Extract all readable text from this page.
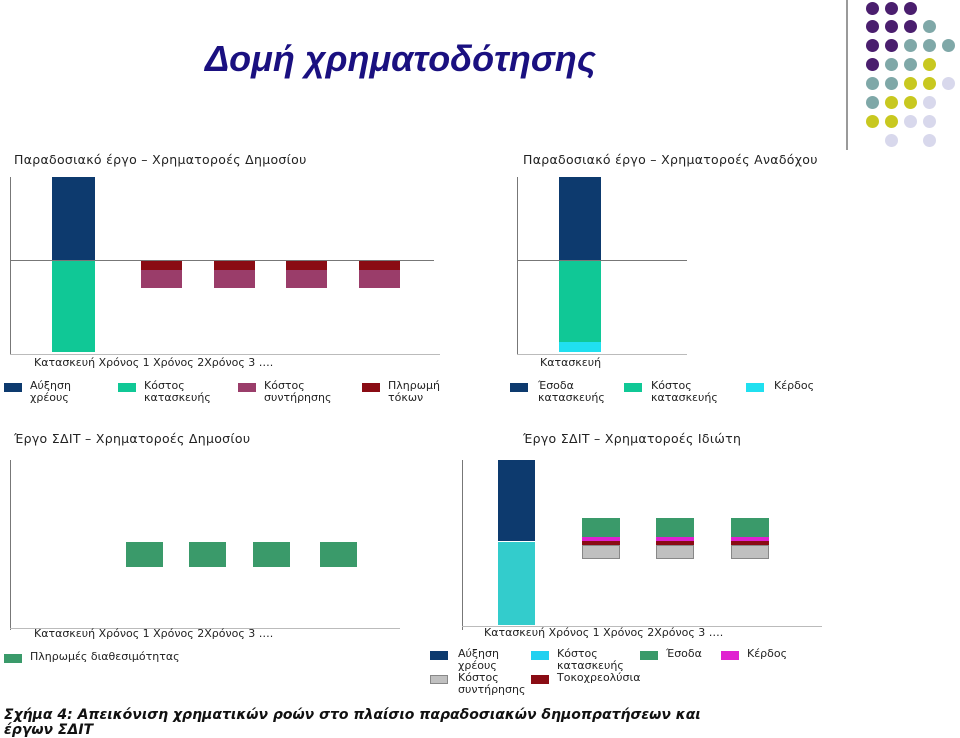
Δομή χρηματοδότησης
Παραδοσιακό έργο – Χρηματοροές Δημοσίου
Κατασκευή Χρόνος 1 Χρόνος 2Χρόνος 3 ….
Αύξηση χρέους
Κόστος κατασκευής
Κόστος συντήρησης
Πληρωμή τόκων
Παραδοσιακό έργο – Χρηματοροές Αναδόχου
Κατασκευή
Έσοδα κατασκευής
Κόστος κατασκευής
Κέρδος
Έργο ΣΔΙΤ – Χρηματοροές Δημοσίου
Κατασκευή Χρόνος 1 Χρόνος 2Χρόνος 3 ….
Πληρωμές διαθεσιμότητας
Έργο ΣΔΙΤ – Χρηματοροές Ιδιώτη
Κατασκευή Χρόνος 1 Χρόνος 2Χρόνος 3 ….
Αύξηση χρέους
Κόστος κατασκευής
Έσοδα	Κέρδος
Κόστος συντήρησης
Τοκοχρεολύσια
Σχήμα 4: Απεικόνιση χρηματικών ροών στο πλαίσιο παραδοσιακών δημοπρατήσεων και έργων ΣΔΙΤ
